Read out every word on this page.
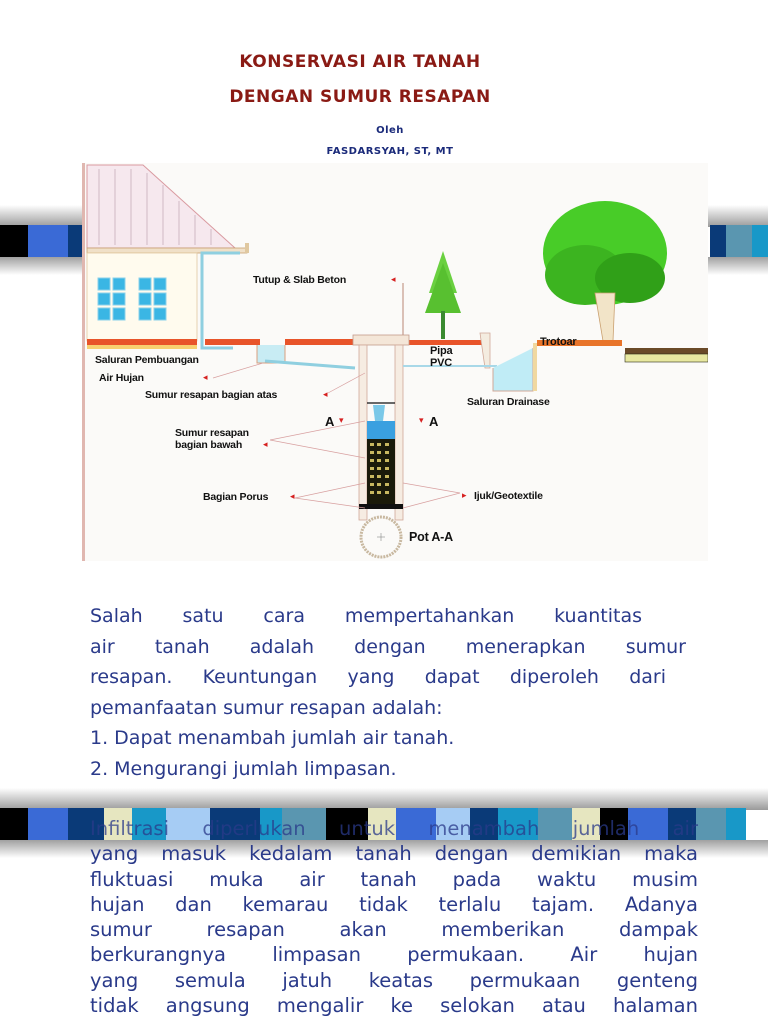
KONSERVASI AIR TANAH
DENGAN SUMUR RESAPAN
Oleh
FASDARSYAH, ST, MT
Tutup & Slab Beton	◂
Saluran Pembuangan
Air Hujan	◂
Sumur resapan bagian atas	◂
A ▾	▾ A
Sumur resapan
bagian bawah ◂
Bagian Porus ◂
Pipa
PVC
Trotoar
Saluran Drainase
▸ Ijuk/Geotextile
Pot A-A

Salah satu cara mempertahankan kuantitas

air tanah adalah dengan menerapkan sumur

resapan. Keuntungan yang dapat diperoleh dari

pemanfaatan sumur resapan adalah:

1. Dapat menambah jumlah air tanah.

2. Mengurangi jumlah limpasan.

Infiltrasi diperlukan untuk menambah jumlah air

yang masuk kedalam tanah dengan demikian maka

fluktuasi muka air tanah pada waktu musim

hujan dan kemarau tidak terlalu tajam. Adanya

sumur resapan akan memberikan dampak

berkurangnya limpasan permukaan. Air hujan

yang semula jatuh keatas permukaan genteng

tidak angsung mengalir ke selokan atau halaman
